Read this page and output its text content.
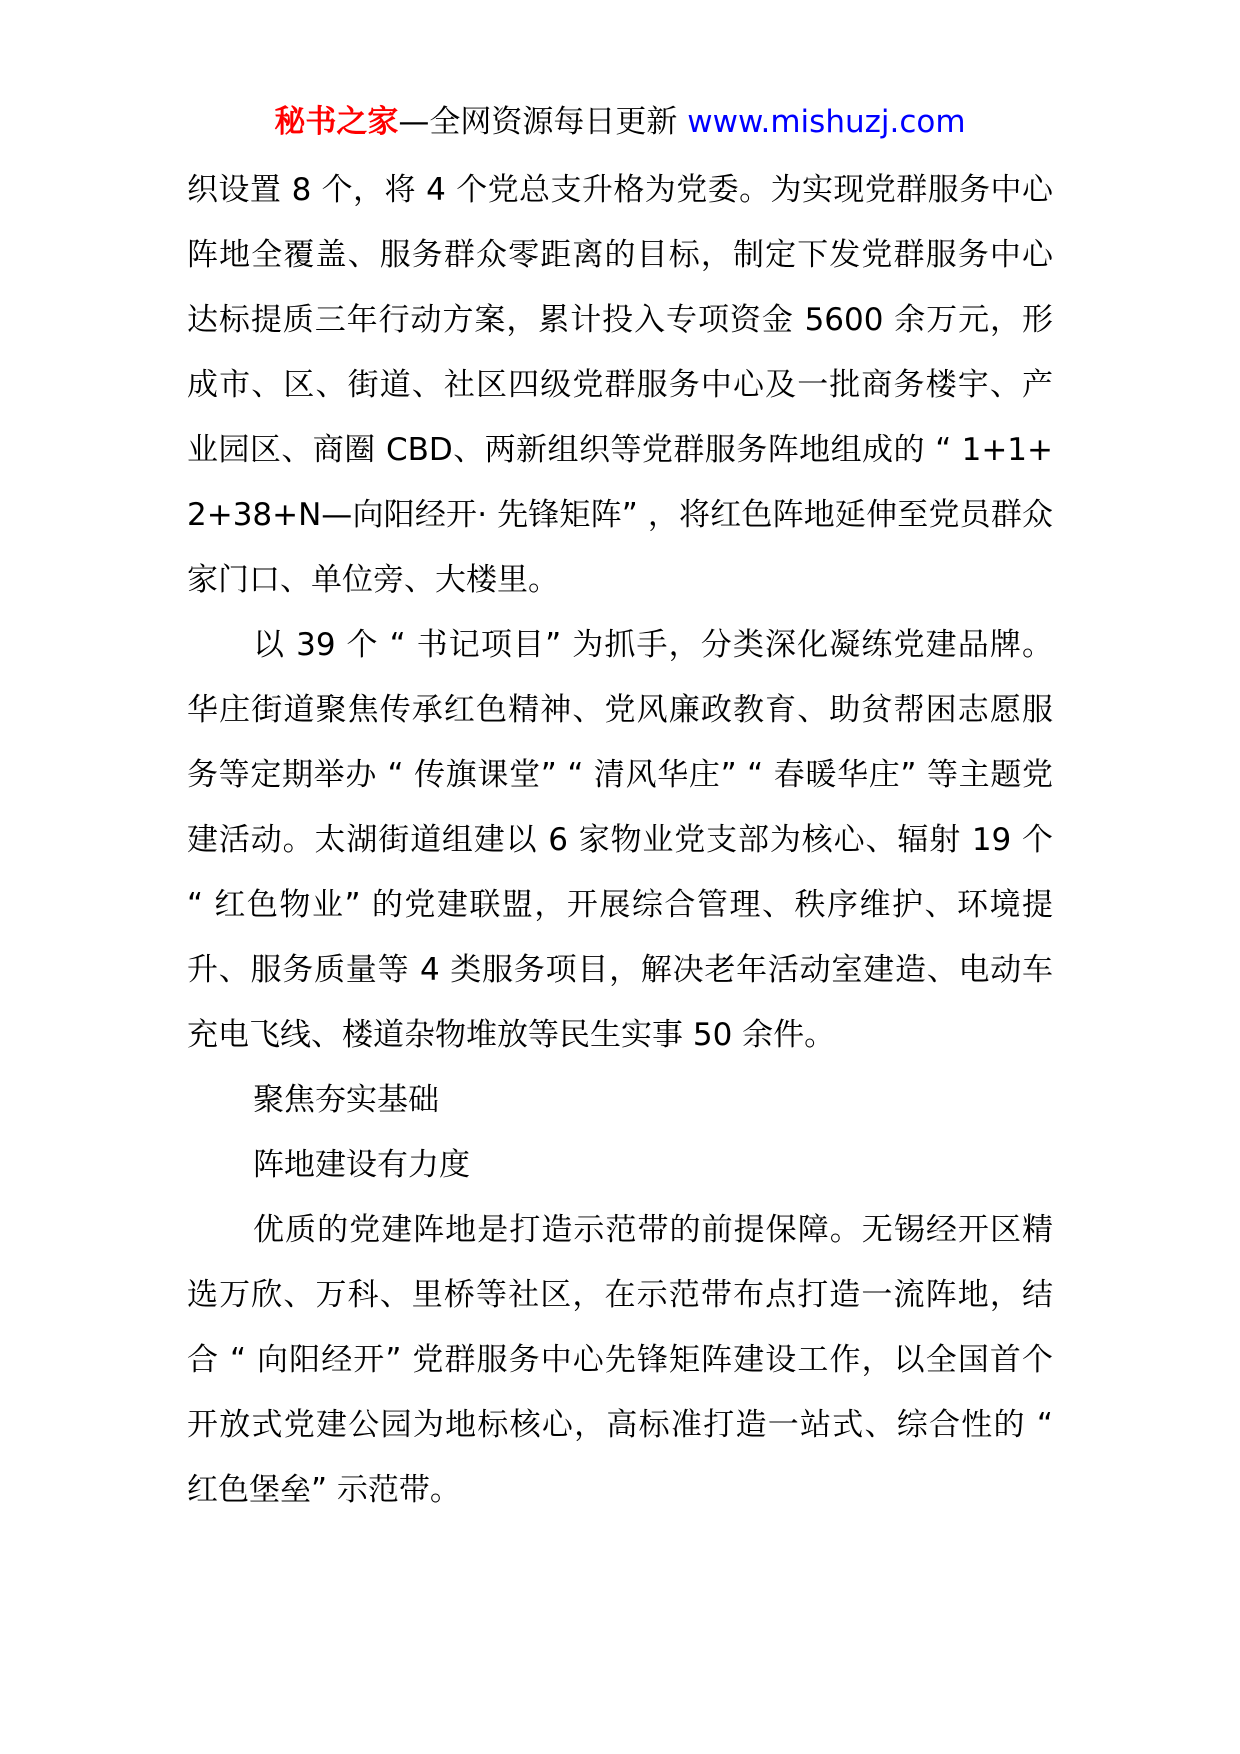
秘书之家—全网资源每日更新 www.mishuzj.com

织设置 8 个，将 4 个党总支升格为党委。为实现党群服务中心阵地全覆盖、服务群众零距离的目标，制定下发党群服务中心达标提质三年行动方案，累计投入专项资金 5600 余万元，形成市、区、街道、社区四级党群服务中心及一批商务楼宇、产业园区、商圈 CBD、两新组织等党群服务阵地组成的 “ 1+1+2+38+N—向阳经开· 先锋矩阵” ，将红色阵地延伸至党员群众家门口、单位旁、大楼里。

以 39 个 “ 书记项目” 为抓手，分类深化凝练党建品牌。华庄街道聚焦传承红色精神、党风廉政教育、助贫帮困志愿服务等定期举办 “ 传旗课堂” “ 清风华庄” “ 春暖华庄” 等主题党建活动。太湖街道组建以 6 家物业党支部为核心、辐射 19 个 “ 红色物业” 的党建联盟，开展综合管理、秩序维护、环境提升、服务质量等 4 类服务项目，解决老年活动室建造、电动车充电飞线、楼道杂物堆放等民生实事 50 余件。

聚焦夯实基础

阵地建设有力度

优质的党建阵地是打造示范带的前提保障。无锡经开区精选万欣、万科、里桥等社区，在示范带布点打造一流阵地，结合 “ 向阳经开” 党群服务中心先锋矩阵建设工作，以全国首个开放式党建公园为地标核心，高标准打造一站式、综合性的 “ 红色堡垒” 示范带。
